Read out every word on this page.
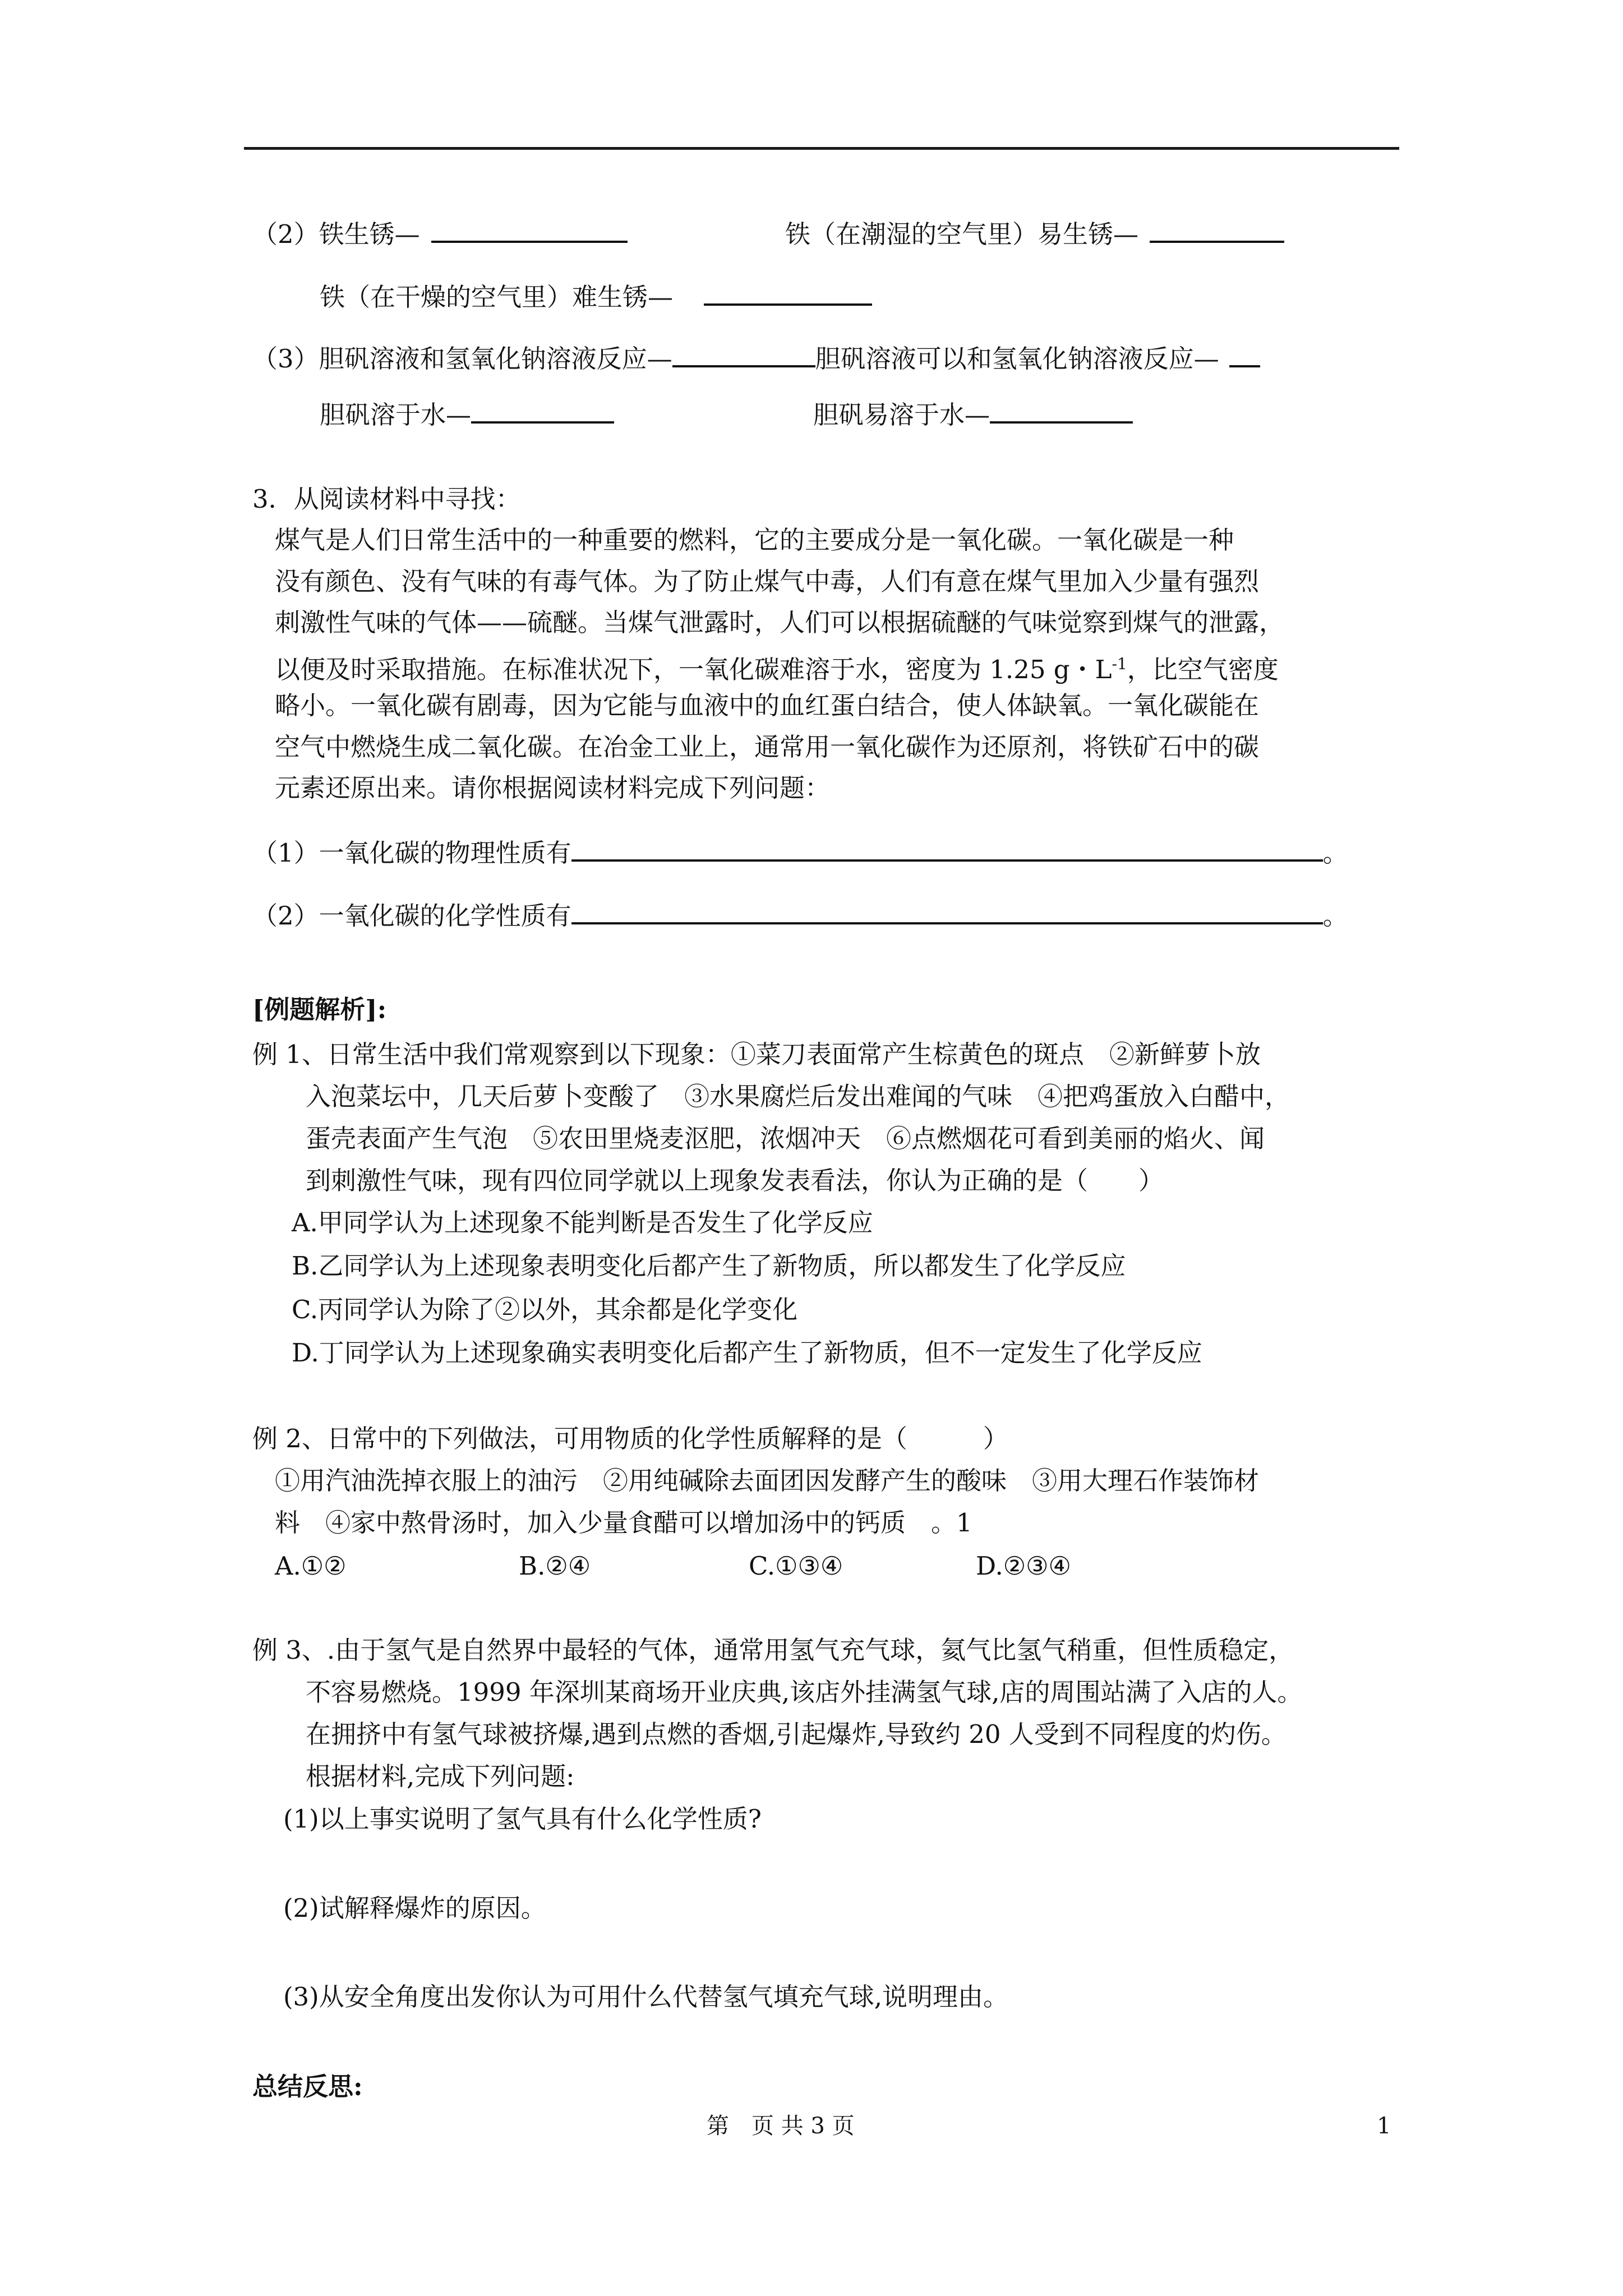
（2）铁生锈—	铁（在潮湿的空气里）易生锈—
铁（在干燥的空气里）难生锈—
（3）胆矾溶液和氢氧化钠溶液反应—	胆矾溶液可以和氢氧化钠溶液反应—
胆矾溶于水—	胆矾易溶于水—
3．从阅读材料中寻找：
煤气是人们日常生活中的一种重要的燃料，它的主要成分是一氧化碳。一氧化碳是一种
没有颜色、没有气味的有毒气体。为了防止煤气中毒，人们有意在煤气里加入少量有强烈
刺激性气味的气体——硫醚。当煤气泄露时，人们可以根据硫醚的气味觉察到煤气的泄露，
以便及时采取措施。在标准状况下，一氧化碳难溶于水，密度为 1.25 g・$L^{-1}$，比空气密度
略小。一氧化碳有剧毒，因为它能与血液中的血红蛋白结合，使人体缺氧。一氧化碳能在
空气中燃烧生成二氧化碳。在冶金工业上，通常用一氧化碳作为还原剂，将铁矿石中的碳
元素还原出来。请你根据阅读材料完成下列问题：
（1）一氧化碳的物理性质有	。
（2）一氧化碳的化学性质有	。
[例题解析]:
例 1、日常生活中我们常观察到以下现象：①菜刀表面常产生棕黄色的斑点　②新鲜萝卜放
入泡菜坛中，几天后萝卜变酸了　③水果腐烂后发出难闻的气味　④把鸡蛋放入白醋中，
蛋壳表面产生气泡　⑤农田里烧麦沤肥，浓烟冲天　⑥点燃烟花可看到美丽的焰火、闻
到刺激性气味，现有四位同学就以上现象发表看法，你认为正确的是（　　）
A.甲同学认为上述现象不能判断是否发生了化学反应
B.乙同学认为上述现象表明变化后都产生了新物质，所以都发生了化学反应
C.丙同学认为除了②以外，其余都是化学变化
D.丁同学认为上述现象确实表明变化后都产生了新物质，但不一定发生了化学反应
例 2、日常中的下列做法，可用物质的化学性质解释的是（　　　）
①用汽油洗掉衣服上的油污　②用纯碱除去面团因发酵产生的酸味　③用大理石作装饰材
料　④家中熬骨汤时，加入少量食醋可以增加汤中的钙质　。1
A.①②	B.②④	C.①③④	D.②③④
例 3、.由于氢气是自然界中最轻的气体，通常用氢气充气球，氦气比氢气稍重，但性质稳定，
不容易燃烧。1999 年深圳某商场开业庆典,该店外挂满氢气球,店的周围站满了入店的人。
在拥挤中有氢气球被挤爆,遇到点燃的香烟,引起爆炸,导致约 20 人受到不同程度的灼伤。
根据材料,完成下列问题:
(1)以上事实说明了氢气具有什么化学性质?
(2)试解释爆炸的原因。
(3)从安全角度出发你认为可用什么代替氢气填充气球,说明理由。
总结反思:
第　页 共 3 页	1
